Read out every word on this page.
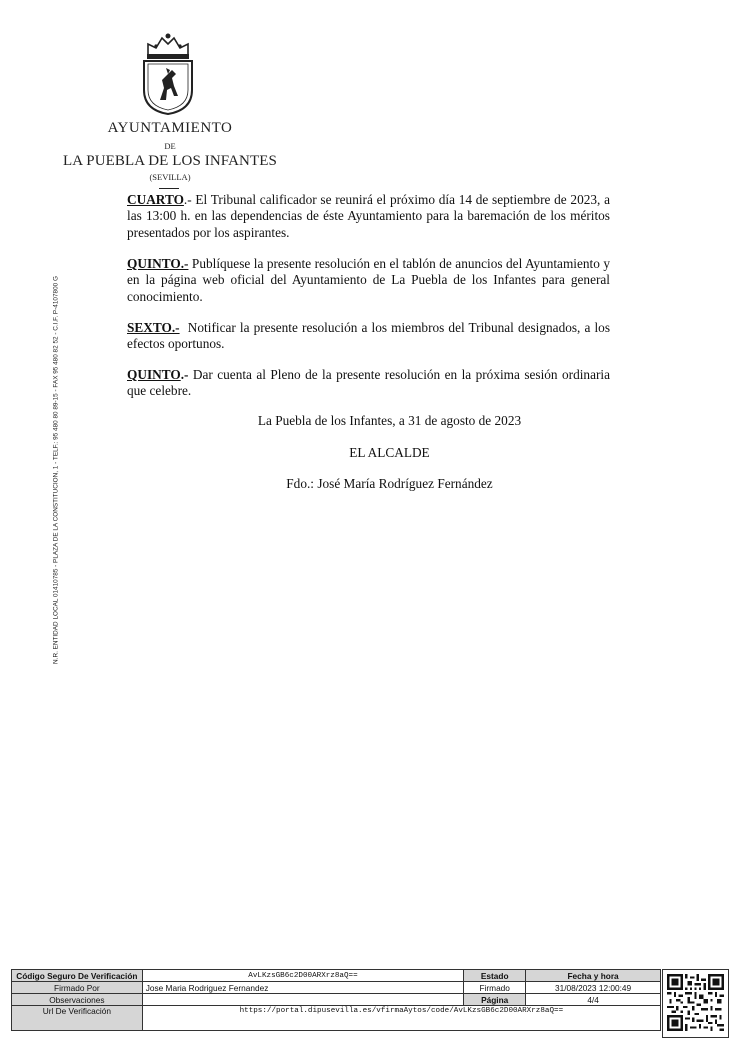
AYUNTAMIENTO
DE
LA PUEBLA DE LOS INFANTES
(SEVILLA)
N.R. ENTIDAD LOCAL 01410785 - PLAZA DE LA CONSTITUCION, 1 - TELF.: 95 480 80 89-15 - FAX 95 480 82 52 - C.I.F. P-4107800 G
CUARTO.- El Tribunal calificador se reunirá el próximo día 14 de septiembre de 2023, a las 13:00 h. en las dependencias de éste Ayuntamiento para la baremación de los méritos presentados por los aspirantes.
QUINTO.- Publíquese la presente resolución en el tablón de anuncios del Ayuntamiento y en la página web oficial del Ayuntamiento de La Puebla de los Infantes para general conocimiento.
SEXTO.-  Notificar la presente resolución a los miembros del Tribunal designados, a los efectos oportunos.
QUINTO.- Dar cuenta al Pleno de la presente resolución en la próxima sesión ordinaria que celebre.
La Puebla de los Infantes, a 31 de agosto de 2023
EL ALCALDE
Fdo.: José María Rodríguez Fernández
Código Seguro De Verificación	AvLKzsGB6c2D00ARXrz8aQ==	Estado	Fecha y hora
Firmado Por	Jose Maria Rodriguez Fernandez	Firmado	31/08/2023 12:00:49
Observaciones		Página	4/4
Url De Verificación	https://portal.dipusevilla.es/vfirmaAytos/code/AvLKzsGB6c2D00ARXrz8aQ==		
